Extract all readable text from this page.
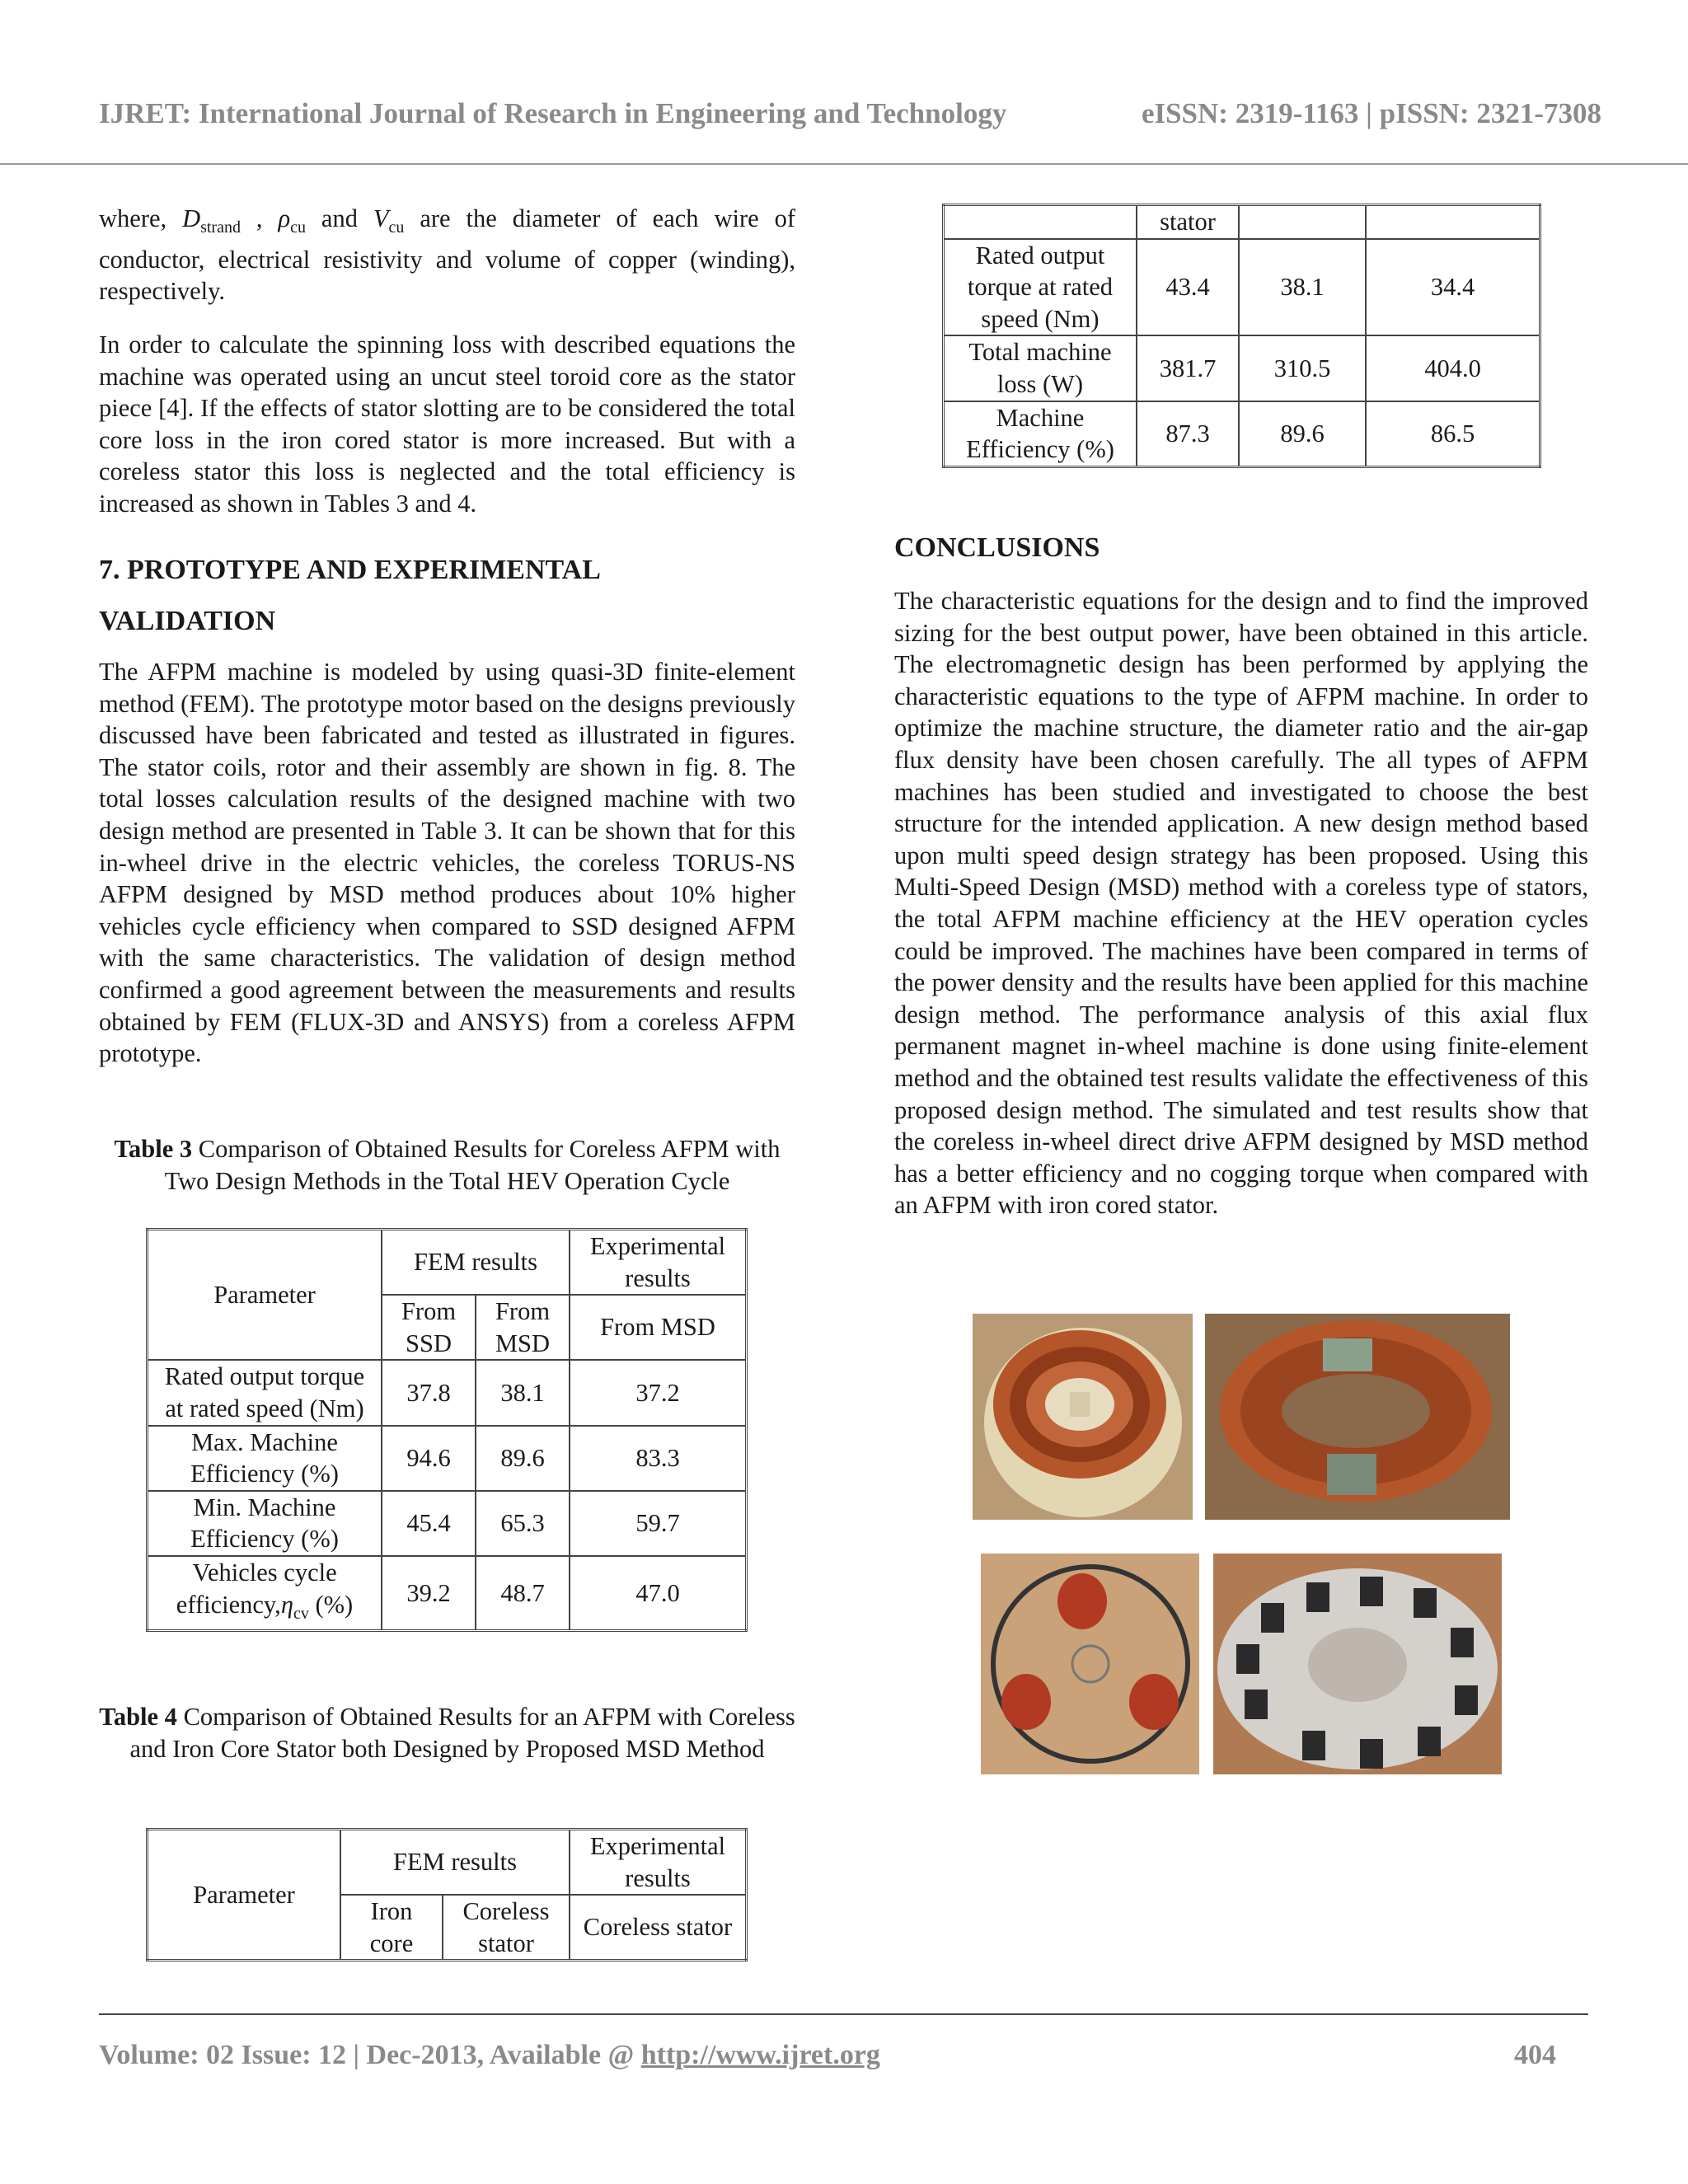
IJRET: International Journal of Research in Engineering and Technology	eISSN: 2319-1163 | pISSN: 2321-7308

where, $D_{strand}$ , $\rho_{cu}$ and $V_{cu}$ are the diameter of each wire of conductor, electrical resistivity and volume of copper (winding), respectively.

In order to calculate the spinning loss with described equations the machine was operated using an uncut steel toroid core as the stator piece [4]. If the effects of stator slotting are to be considered the total core loss in the iron cored stator is more increased. But with a coreless stator this loss is neglected and the total efficiency is increased as shown in Tables 3 and 4.

7. PROTOTYPE AND EXPERIMENTAL
VALIDATION

The AFPM machine is modeled by using quasi-3D finite-element method (FEM). The prototype motor based on the designs previously discussed have been fabricated and tested as illustrated in figures. The stator coils, rotor and their assembly are shown in fig. 8. The total losses calculation results of the designed machine with two design method are presented in Table 3. It can be shown that for this in-wheel drive in the electric vehicles, the coreless TORUS-NS AFPM designed by MSD method produces about 10% higher vehicles cycle efficiency when compared to SSD designed AFPM with the same characteristics. The validation of design method confirmed a good agreement between the measurements and results obtained by FEM (FLUX-3D and ANSYS) from a coreless AFPM prototype.

Table 3 Comparison of Obtained Results for Coreless AFPM with Two Design Methods in the Total HEV Operation Cycle
Parameter	FEM results		Experimental results
	From SSD	From MSD	From MSD
Rated output torque at rated speed (Nm)	37.8	38.1	37.2
Max. Machine Efficiency (%)	94.6	89.6	83.3
Min. Machine Efficiency (%)	45.4	65.3	59.7
Vehicles cycle $efficiency,\eta_{cv}$ (%)	39.2	48.7	47.0
Table 4 Comparison of Obtained Results for an AFPM with Coreless and Iron Core Stator both Designed by Proposed MSD Method
Parameter	FEM results		Experimental results
	Iron core	Coreless stator	Coreless stator
	stator		
Rated output torque at rated speed (Nm)	43.4	38.1	34.4
Total machine loss (W)	381.7	310.5	404.0
Machine Efficiency (%)	87.3	89.6	86.5
CONCLUSIONS

The characteristic equations for the design and to find the improved sizing for the best output power, have been obtained in this article. The electromagnetic design has been performed by applying the characteristic equations to the type of AFPM machine. In order to optimize the machine structure, the diameter ratio and the air-gap flux density have been chosen carefully. The all types of AFPM machines has been studied and investigated to choose the best structure for the intended application. A new design method based upon multi speed design strategy has been proposed. Using this Multi-Speed Design (MSD) method with a coreless type of stators, the total AFPM machine efficiency at the HEV operation cycles could be improved. The machines have been compared in terms of the power density and the results have been applied for this machine design method. The performance analysis of this axial flux permanent magnet in-wheel machine is done using finite-element method and the obtained test results validate the effectiveness of this proposed design method. The simulated and test results show that the coreless in-wheel direct drive AFPM designed by MSD method has a better efficiency and no cogging torque when compared with an AFPM with iron cored stator.

Volume: 02 Issue: 12 | Dec-2013, Available @ http://www.ijret.org	404
